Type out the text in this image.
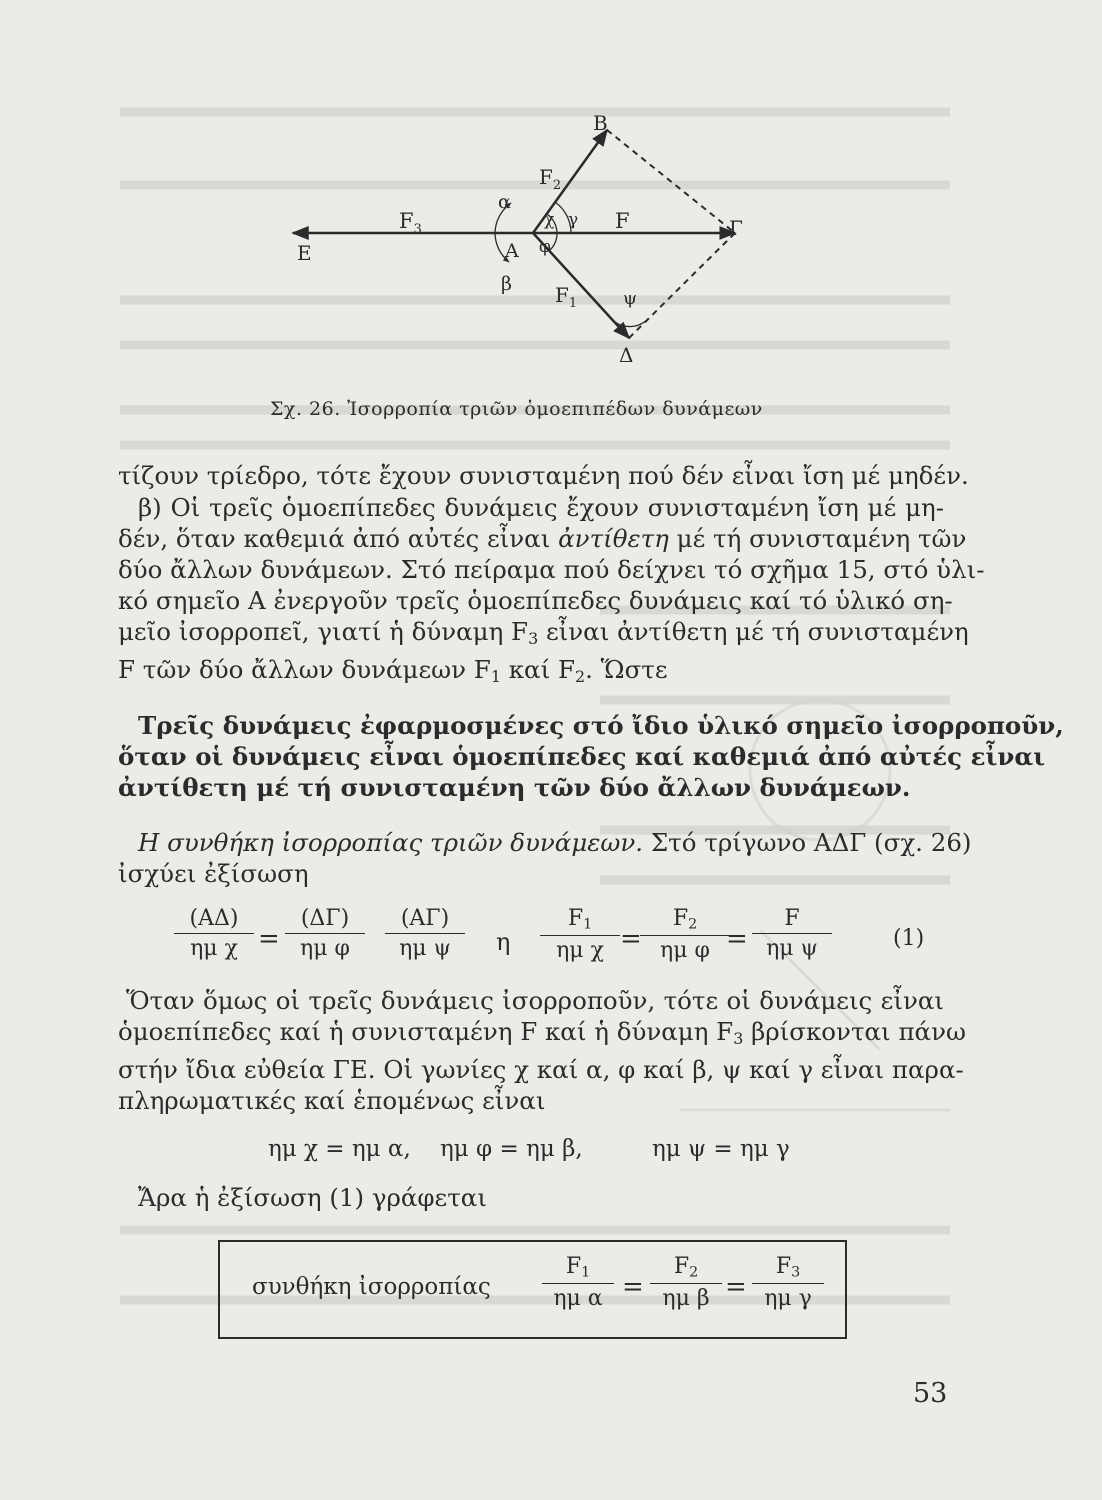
B
$F_2$
α
χ γ F	Γ
$F_3$
Ε	A φ
β $F_1$	ψ
Δ
Σχ. 26. Ἰσορροπία τριῶν ὁμοεπιπέδων δυνάμεων
τίζουν τρίεδρο, τότε ἔχουν συνισταμένη πού δέν εἶναι ἴση μέ μηδέν.
β) Οἱ τρεῖς ὁμοεπίπεδες δυνάμεις ἔχουν συνισταμένη ἴση μέ μη-
δέν, ὅταν καθεμιά ἀπό αὐτές εἶναι ἀντίθετη μέ τή συνισταμένη τῶν
δύο ἄλλων δυνάμεων. Στό πείραμα πού δείχνει τό σχῆμα 15, στό ὑλι-
κό σημεῖο Α ἐνεργοῦν τρεῖς ὁμοεπίπεδες δυνάμεις καί τό ὑλικό ση-
μεῖο ἰσορροπεῖ, γιατί ἡ δύναμη $F_3$ εἶναι ἀντίθετη μέ τή συνισταμένη
F τῶν δύο ἄλλων δυνάμεων $F_1$ καί $F_2$. Ὥστε
Τρεῖς δυνάμεις ἐφαρμοσμένες στό ἴδιο ὑλικό σημεῖο ἰσορροποῦν,
ὅταν οἱ δυνάμεις εἶναι ὁμοεπίπεδες καί καθεμιά ἀπό αὐτές εἶναι
ἀντίθετη μέ τή συνισταμένη τῶν δύο ἄλλων δυνάμεων.
Η συνθήκη ἰσορροπίας τριῶν δυνάμεων. Στό τρίγωνο ΑΔΓ (σχ. 26)
ἰσχύει ἐξίσωση
$\frac{(A\Delta)}{\text{ημ χ}} = \frac{(\Delta\Gamma)}{\text{ημ φ}} \frac{(A\Gamma)}{\text{ημ ψ}}$ η $\frac{F_1}{\text{ημ χ}}$ =
$\frac{F_2}{\text{ημ φ}}$
= $\frac{F}{\text{ημ ψ}}$	(1)
Ὅταν ὅμως οἱ τρεῖς δυνάμεις ἰσορροποῦν, τότε οἱ δυνάμεις εἶναι
ὁμοεπίπεδες καί ἡ συνισταμένη F καί ἡ δύναμη $F_3$ βρίσκονται πάνω
στήν ἴδια εὐθεία ΓΕ. Οἱ γωνίες χ καί α, φ καί β, ψ καί γ εἶναι παρα-
πληρωματικές καί ἑπομένως εἶναι
ημ χ = ημ α, ημ φ = ημ β,	ημ ψ = ημ γ
Ἄρα ἡ ἐξίσωση (1) γράφεται
συνθήκη ἰσορροπίας $\frac{F_1}{\text{ημ α}} = \frac{F_2}{\text{ημ β}} = \frac{F_3}{\text{ημ γ}}$
53
